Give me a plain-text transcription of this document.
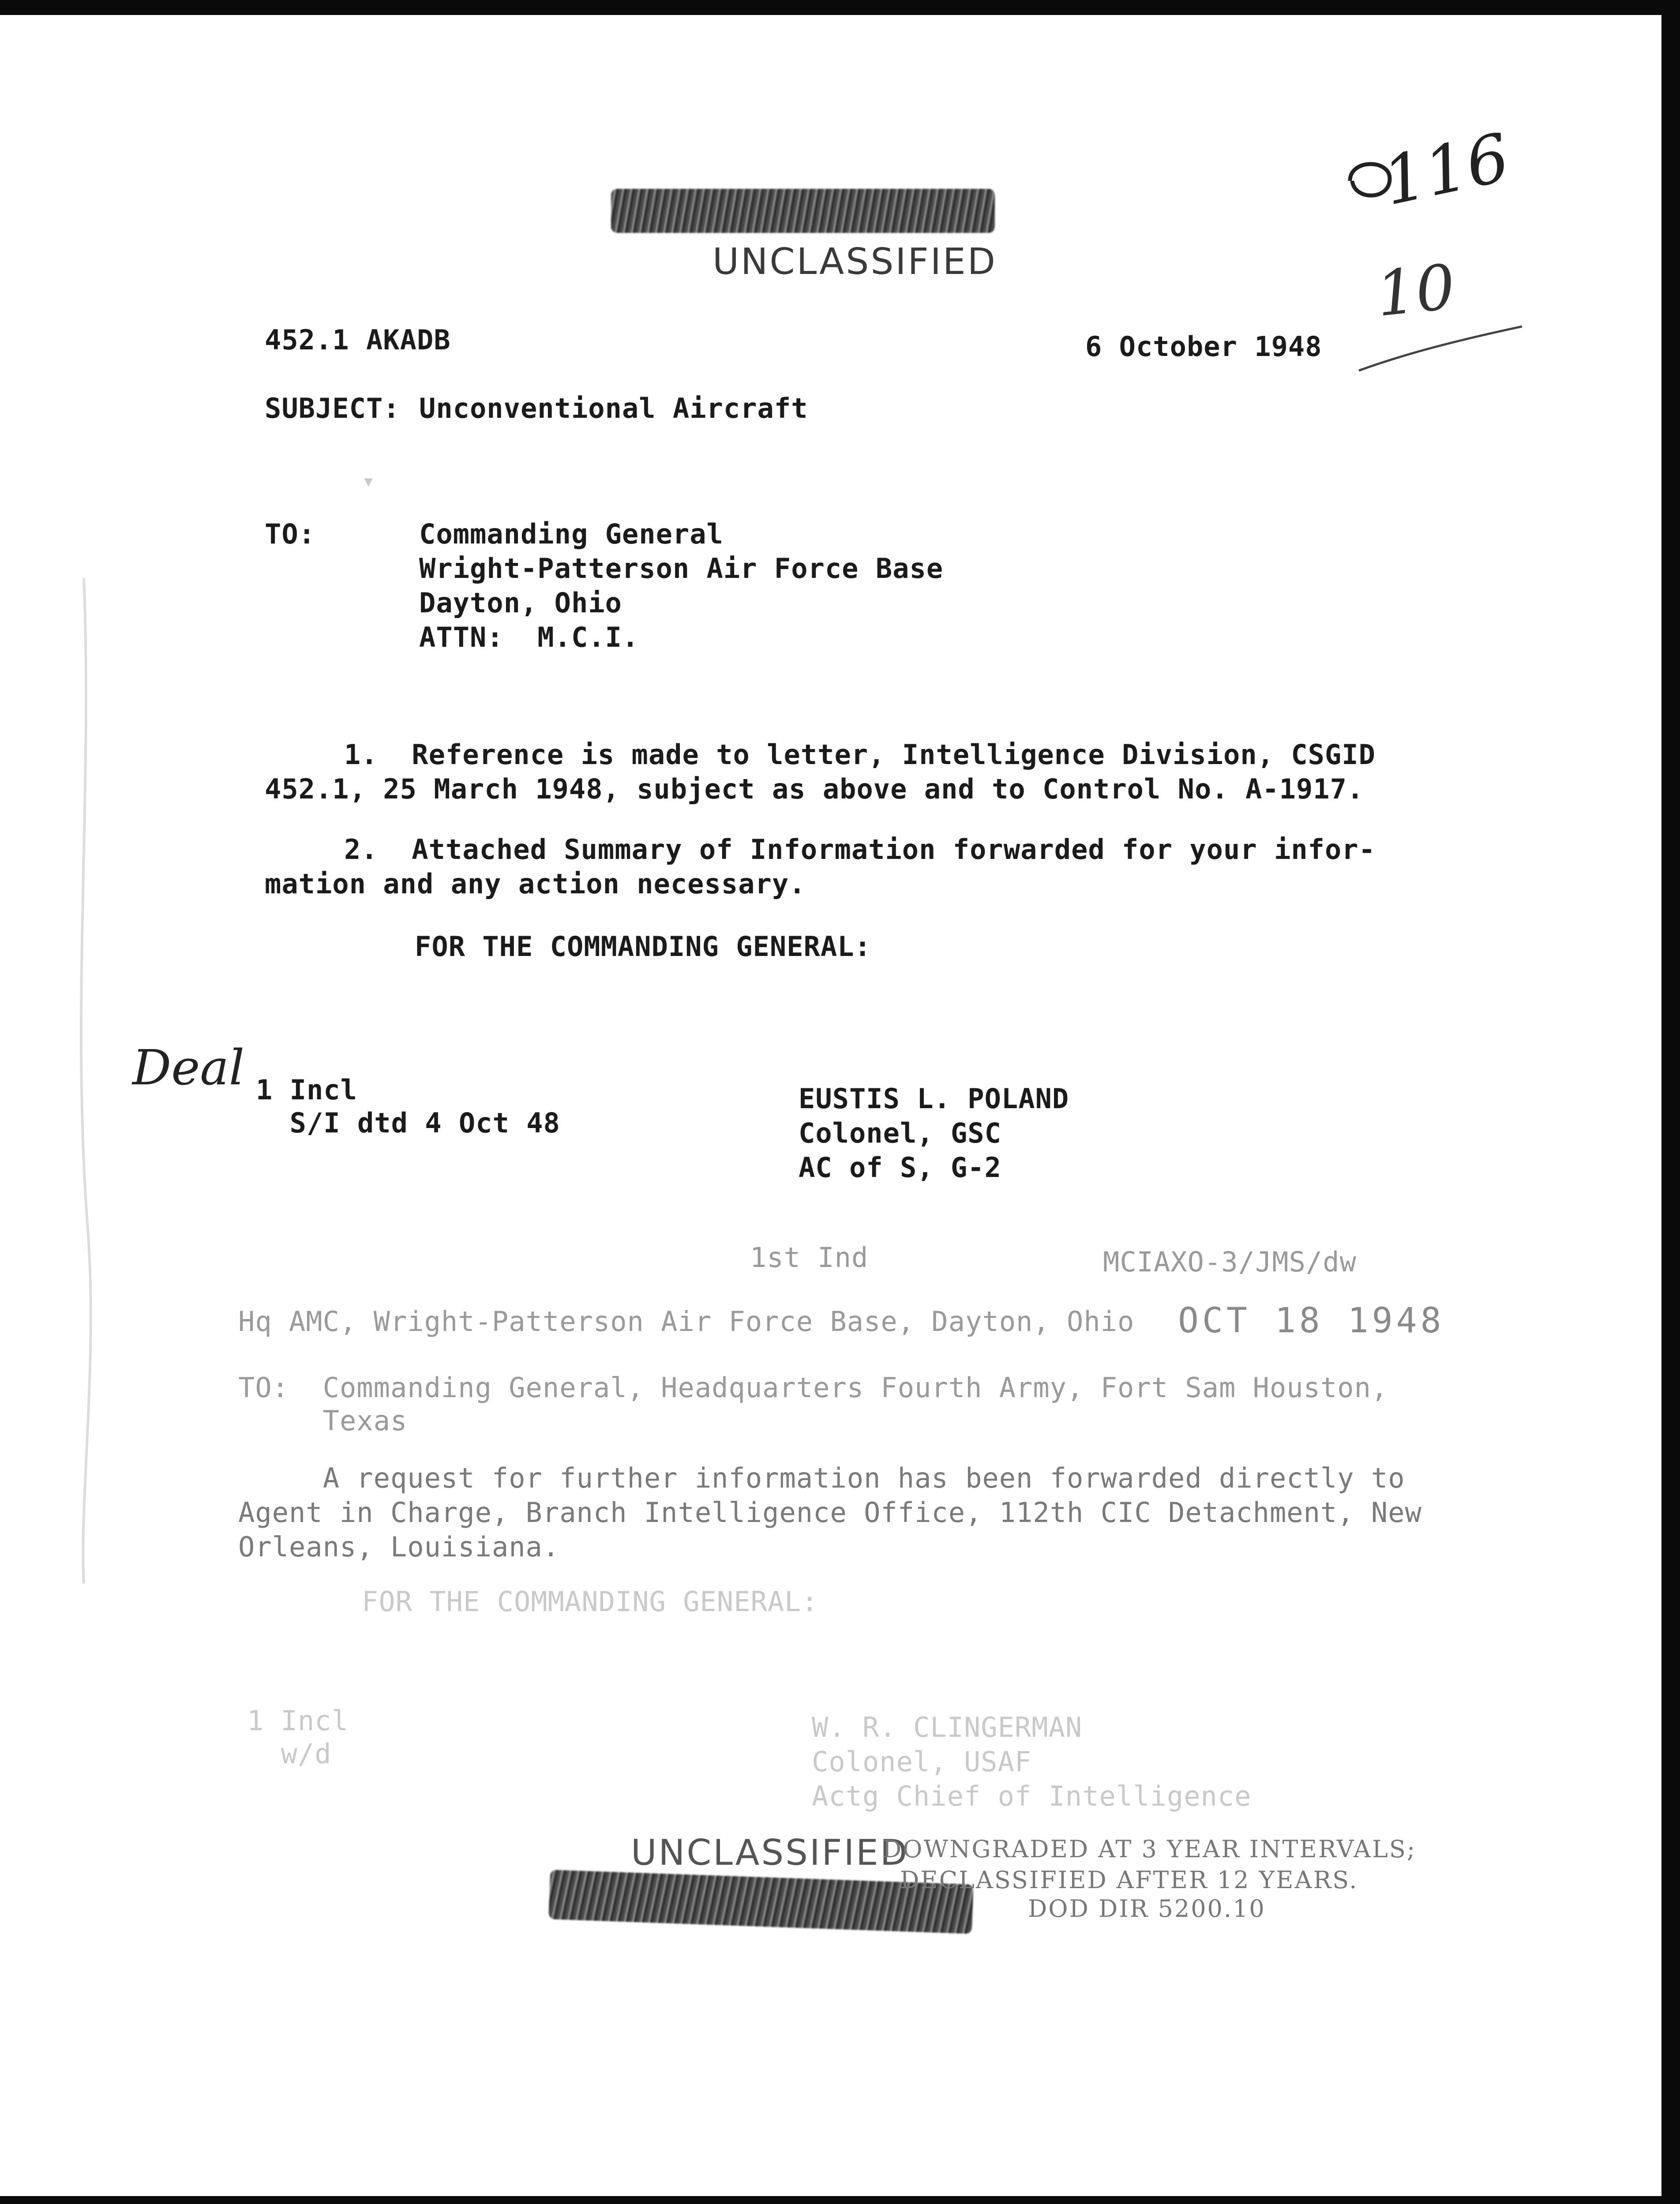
UNCLASSIFIED
116
10
Deal
▾
452.1 AKADB	6 October 1948
SUBJECT: Unconventional Aircraft
TO:	Commanding General
Wright-Patterson Air Force Base
Dayton, Ohio
ATTN:  M.C.I.
1.  Reference is made to letter, Intelligence Division, CSGID
452.1, 25 March 1948, subject as above and to Control No. A-1917.
2.  Attached Summary of Information forwarded for your infor-
mation and any action necessary.
FOR THE COMMANDING GENERAL:
1 Incl
S/I dtd 4 Oct 48
EUSTIS L. POLAND
Colonel, GSC
AC of S, G-2
1st Ind	MCIAXO-3/JMS/dw
Hq AMC, Wright-Patterson Air Force Base, Dayton, Ohio OCT 18 1948
TO:  Commanding General, Headquarters Fourth Army, Fort Sam Houston,
Texas
A request for further information has been forwarded directly to
Agent in Charge, Branch Intelligence Office, 112th CIC Detachment, New
Orleans, Louisiana.
FOR THE COMMANDING GENERAL:
1 Incl
w/d
W. R. CLINGERMAN
Colonel, USAF
Actg Chief of Intelligence
UNCLASSIFIED
DOWNGRADED AT 3 YEAR INTERVALS;
DECLASSIFIED AFTER 12 YEARS.
DOD DIR 5200.10
